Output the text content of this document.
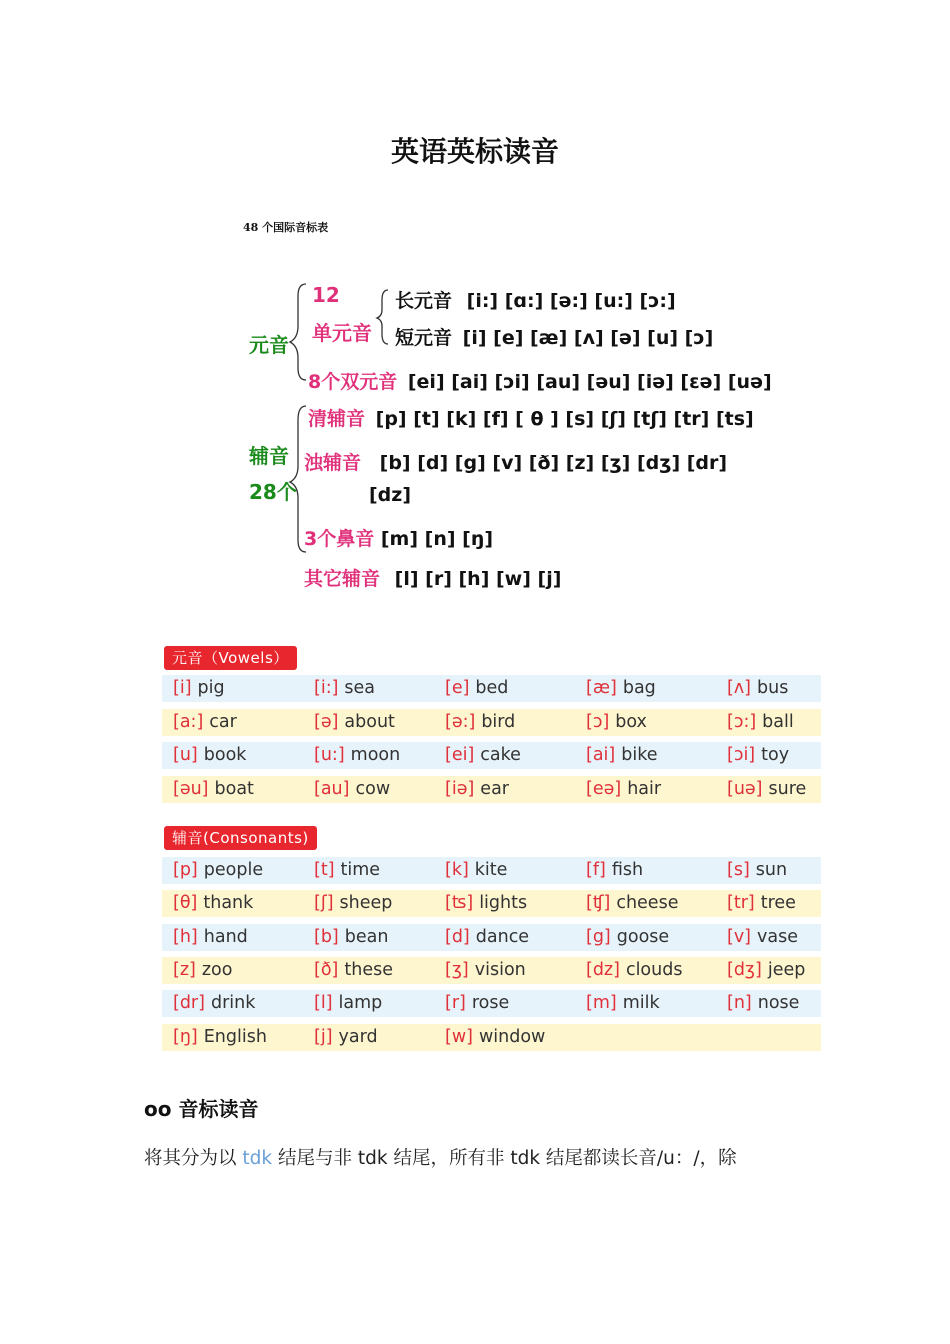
英语英标读音
48 个国际音标表
元音
12
单元音
长元音 [i:] [ɑ:] [ə:] [u:] [ɔ:]
短元音 [i] [e] [æ] [ʌ] [ə] [u] [ɔ]
8个双元音 [ei] [ai] [ɔi] [au] [əu] [iə] [ɛə] [uə]
辅音
28个
清辅音 [p] [t] [k] [f] [ θ ] [s] [ʃ] [tʃ] [tr] [ts]
浊辅音 [b] [d] [g] [v] [ð] [z] [ʒ] [dʒ] [dr]
[dz]
3个鼻音 [m] [n] [ŋ]
其它辅音 [l] [r] [h] [w] [j]
元音（Vowels）
[i] pig	[i:] sea	[e] bed	[æ] bag	[ʌ] bus
[a:] car	[ə] about	[ə:] bird	[ɔ] box	[ɔ:] ball
[u] book	[u:] moon	[ei] cake	[ai] bike	[ɔi] toy
[əu] boat	[au] cow	[iə] ear	[eə] hair	[uə] sure
辅音(Consonants)
[p] people	[t] time	[k] kite	[f] fish	[s] sun
[θ] thank	[ʃ] sheep	[ʦ] lights	[ʧ] cheese	[tr] tree
[h] hand	[b] bean	[d] dance	[g] goose	[v] vase
[z] zoo	[ð] these	[ʒ] vision	[dz] clouds	[dʒ] jeep
[dr] drink	[l] lamp	[r] rose	[m] milk	[n] nose
[ŋ] English	[j] yard	[w] window
oo 音标读音
将其分为以 tdk 结尾与非 tdk 结尾，所有非 tdk 结尾都读长音/u：/，除
